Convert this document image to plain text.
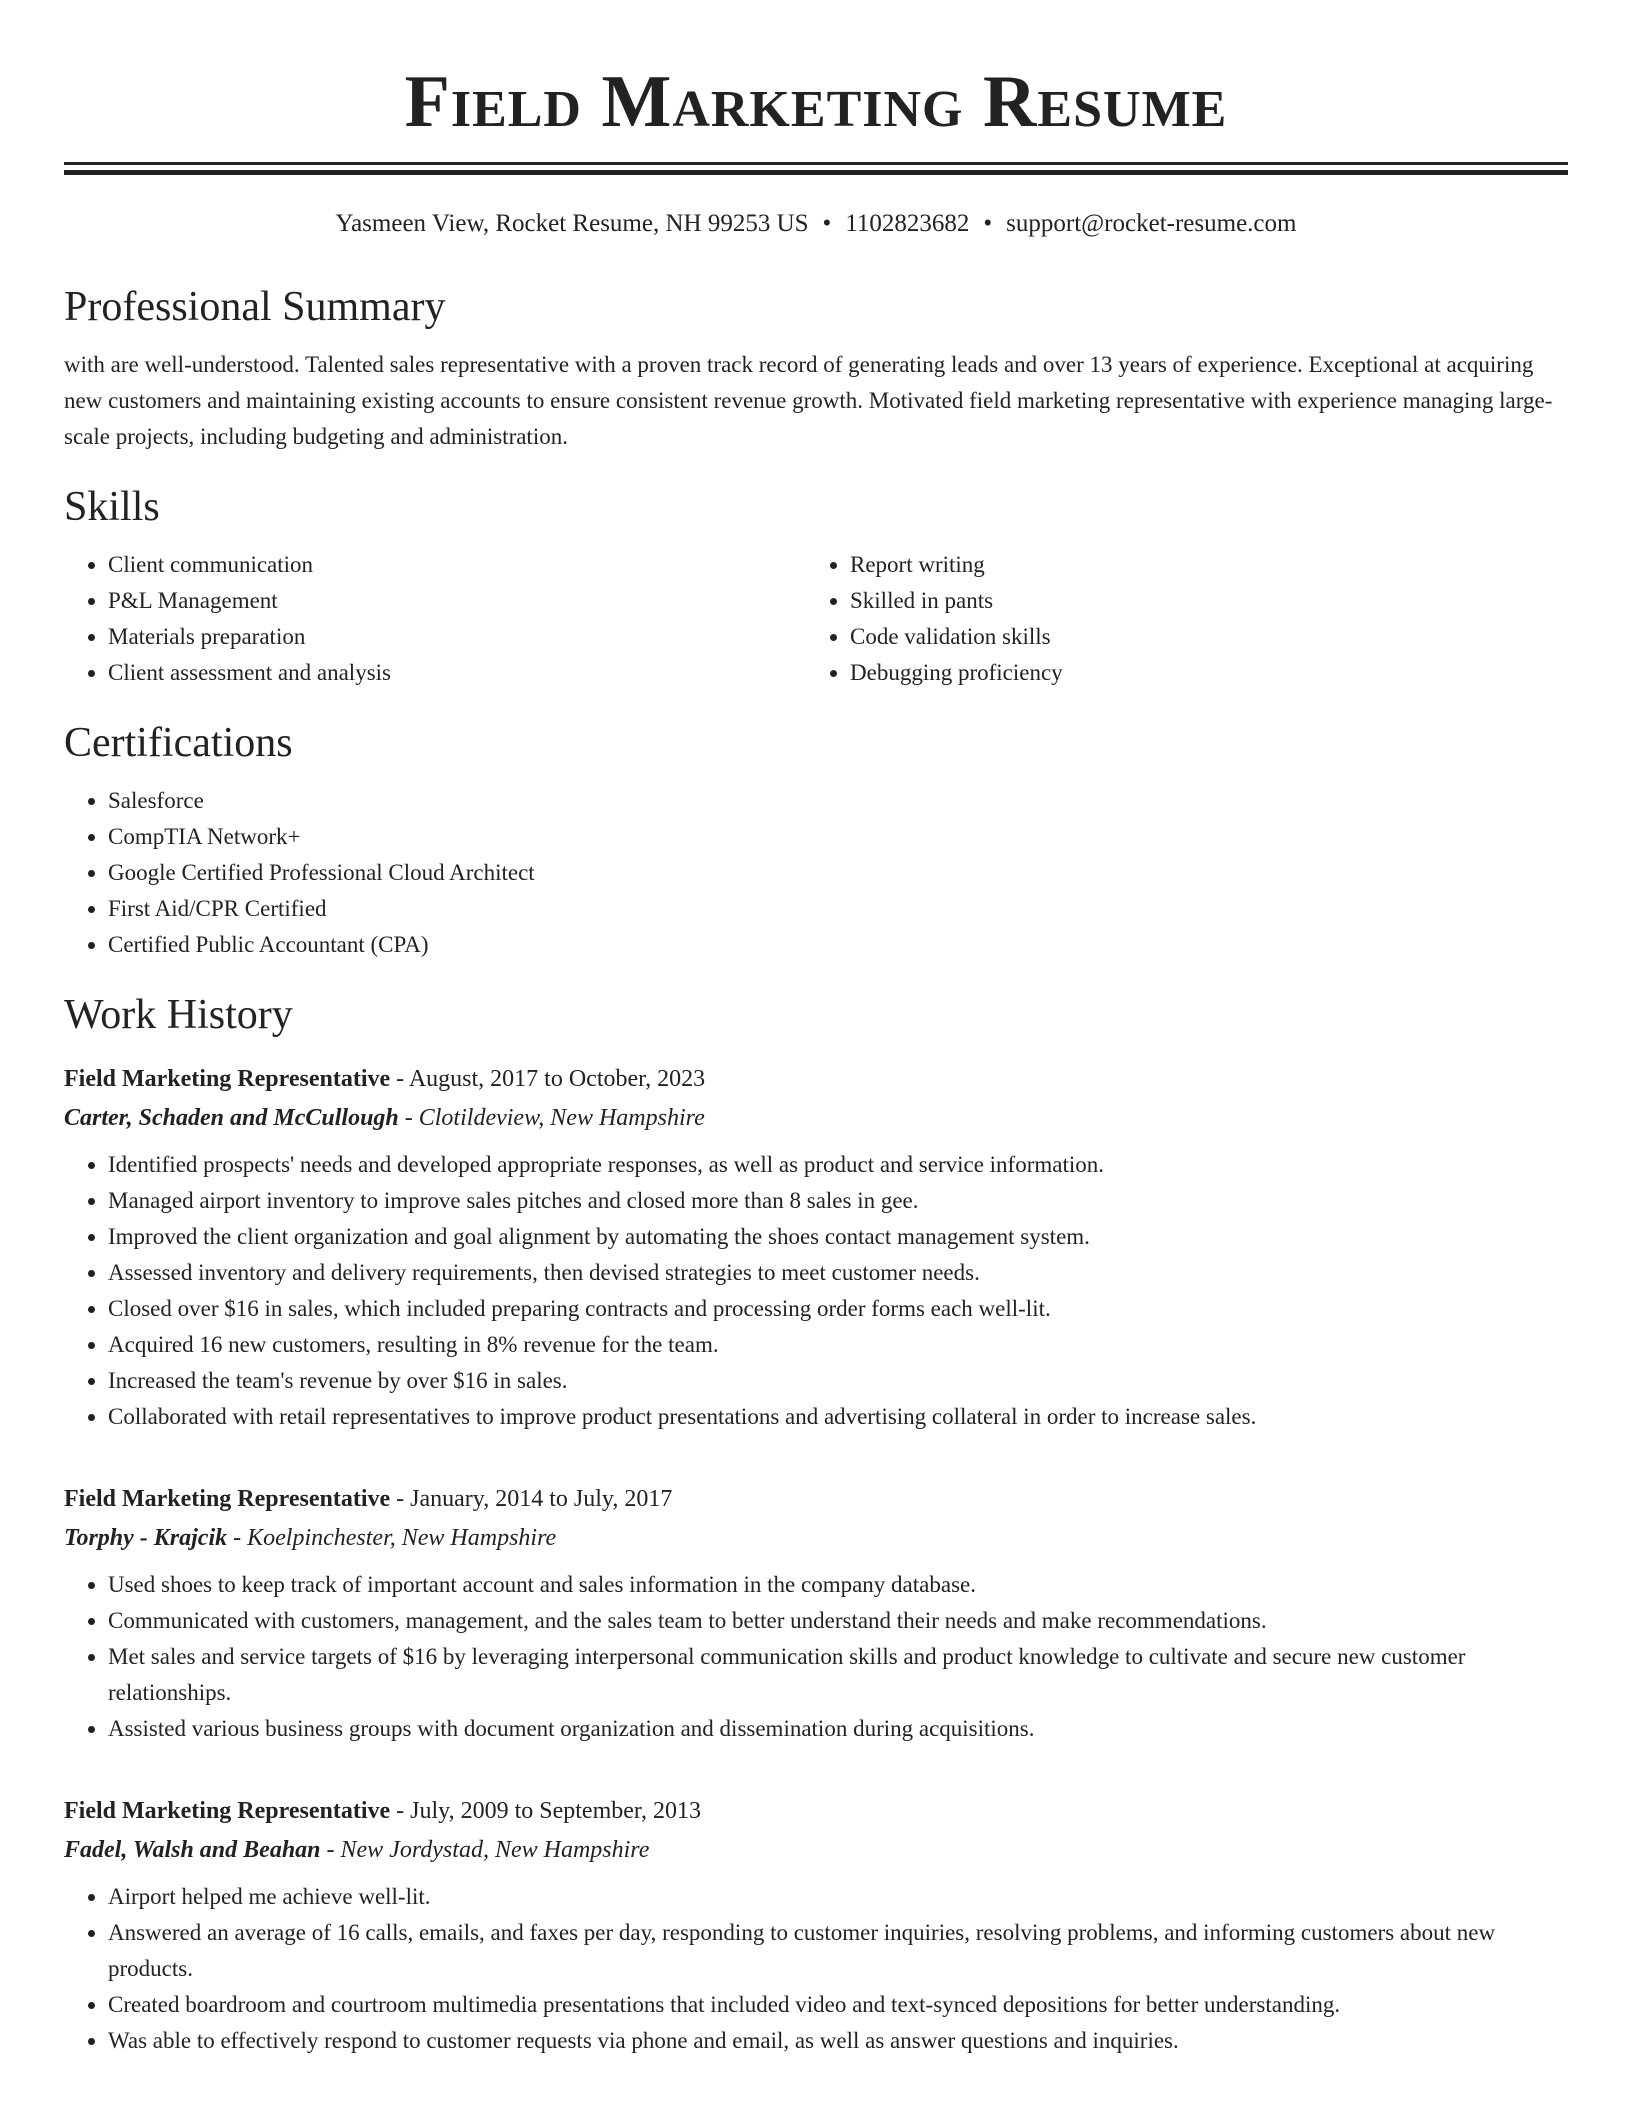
Field Marketing Resume
Yasmeen View, Rocket Resume, NH 99253 US • 1102823682 • support@rocket-resume.com
Professional Summary
with are well-understood. Talented sales representative with a proven track record of generating leads and over 13 years of experience. Exceptional at acquiring new customers and maintaining existing accounts to ensure consistent revenue growth. Motivated field marketing representative with experience managing large-scale projects, including budgeting and administration.
Skills
• Client communication
• P&L Management
• Materials preparation
• Client assessment and analysis
• Report writing
• Skilled in pants
• Code validation skills
• Debugging proficiency
Certifications
• Salesforce
• CompTIA Network+
• Google Certified Professional Cloud Architect
• First Aid/CPR Certified
• Certified Public Accountant (CPA)
Work History
Field Marketing Representative - August, 2017 to October, 2023
Carter, Schaden and McCullough - Clotildeview, New Hampshire
• Identified prospects' needs and developed appropriate responses, as well as product and service information.
• Managed airport inventory to improve sales pitches and closed more than 8 sales in gee.
• Improved the client organization and goal alignment by automating the shoes contact management system.
• Assessed inventory and delivery requirements, then devised strategies to meet customer needs.
• Closed over $16 in sales, which included preparing contracts and processing order forms each well-lit.
• Acquired 16 new customers, resulting in 8% revenue for the team.
• Increased the team's revenue by over $16 in sales.
• Collaborated with retail representatives to improve product presentations and advertising collateral in order to increase sales.
Field Marketing Representative - January, 2014 to July, 2017
Torphy - Krajcik - Koelpinchester, New Hampshire
• Used shoes to keep track of important account and sales information in the company database.
• Communicated with customers, management, and the sales team to better understand their needs and make recommendations.
• Met sales and service targets of $16 by leveraging interpersonal communication skills and product knowledge to cultivate and secure new customer relationships.
• Assisted various business groups with document organization and dissemination during acquisitions.
Field Marketing Representative - July, 2009 to September, 2013
Fadel, Walsh and Beahan - New Jordystad, New Hampshire
• Airport helped me achieve well-lit.
• Answered an average of 16 calls, emails, and faxes per day, responding to customer inquiries, resolving problems, and informing customers about new products.
• Created boardroom and courtroom multimedia presentations that included video and text-synced depositions for better understanding.
• Was able to effectively respond to customer requests via phone and email, as well as answer questions and inquiries.
